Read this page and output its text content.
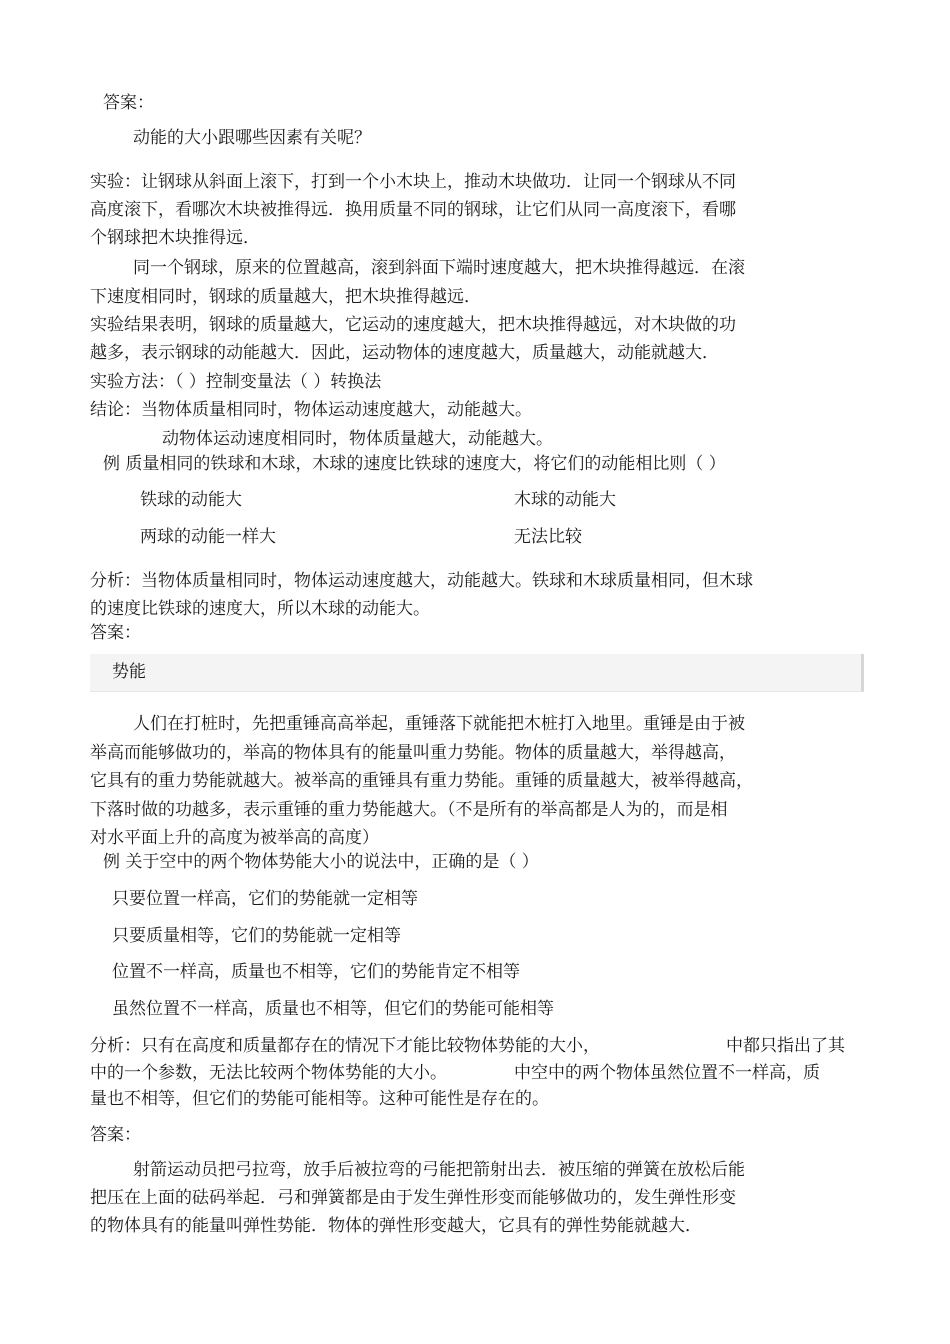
答案：
动能的大小跟哪些因素有关呢？
实验：让钢球从斜面上滚下，打到一个小木块上，推动木块做功．让同一个钢球从不同
高度滚下，看哪次木块被推得远．换用质量不同的钢球，让它们从同一高度滚下，看哪
个钢球把木块推得远．
同一个钢球，原来的位置越高，滚到斜面下端时速度越大，把木块推得越远．在滚
下速度相同时，钢球的质量越大，把木块推得越远．
实验结果表明，钢球的质量越大，它运动的速度越大，把木块推得越远，对木块做的功
越多，表示钢球的动能越大．因此，运动物体的速度越大，质量越大，动能就越大．
实验方法：（ ）控制变量法（ ）转换法
结论：当物体质量相同时，物体运动速度越大，动能越大。
动物体运动速度相同时，物体质量越大，动能越大。
例 质量相同的铁球和木球，木球的速度比铁球的速度大，将它们的动能相比则（ ）
铁球的动能大	木球的动能大
两球的动能一样大	无法比较
分析：当物体质量相同时，物体运动速度越大，动能越大。铁球和木球质量相同，但木球
的速度比铁球的速度大，所以木球的动能大。
答案：
势能
人们在打桩时，先把重锤高高举起，重锤落下就能把木桩打入地里。重锤是由于被
举高而能够做功的，举高的物体具有的能量叫重力势能。物体的质量越大，举得越高，
它具有的重力势能就越大。被举高的重锤具有重力势能。重锤的质量越大，被举得越高，
下落时做的功越多，表示重锤的重力势能越大。（不是所有的举高都是人为的，而是相
对水平面上升的高度为被举高的高度）
例 关于空中的两个物体势能大小的说法中，正确的是（ ）
只要位置一样高，它们的势能就一定相等
只要质量相等，它们的势能就一定相等
位置不一样高，质量也不相等，它们的势能肯定不相等
虽然位置不一样高，质量也不相等，但它们的势能可能相等
分析：只有在高度和质量都存在的情况下才能比较物体势能的大小，	中都只指出了其
中的一个参数，无法比较两个物体势能的大小。	中空中的两个物体虽然位置不一样高，质
量也不相等，但它们的势能可能相等。这种可能性是存在的。
答案：
射箭运动员把弓拉弯，放手后被拉弯的弓能把箭射出去．被压缩的弹簧在放松后能
把压在上面的砝码举起．弓和弹簧都是由于发生弹性形变而能够做功的，发生弹性形变
的物体具有的能量叫弹性势能．物体的弹性形变越大，它具有的弹性势能就越大．
